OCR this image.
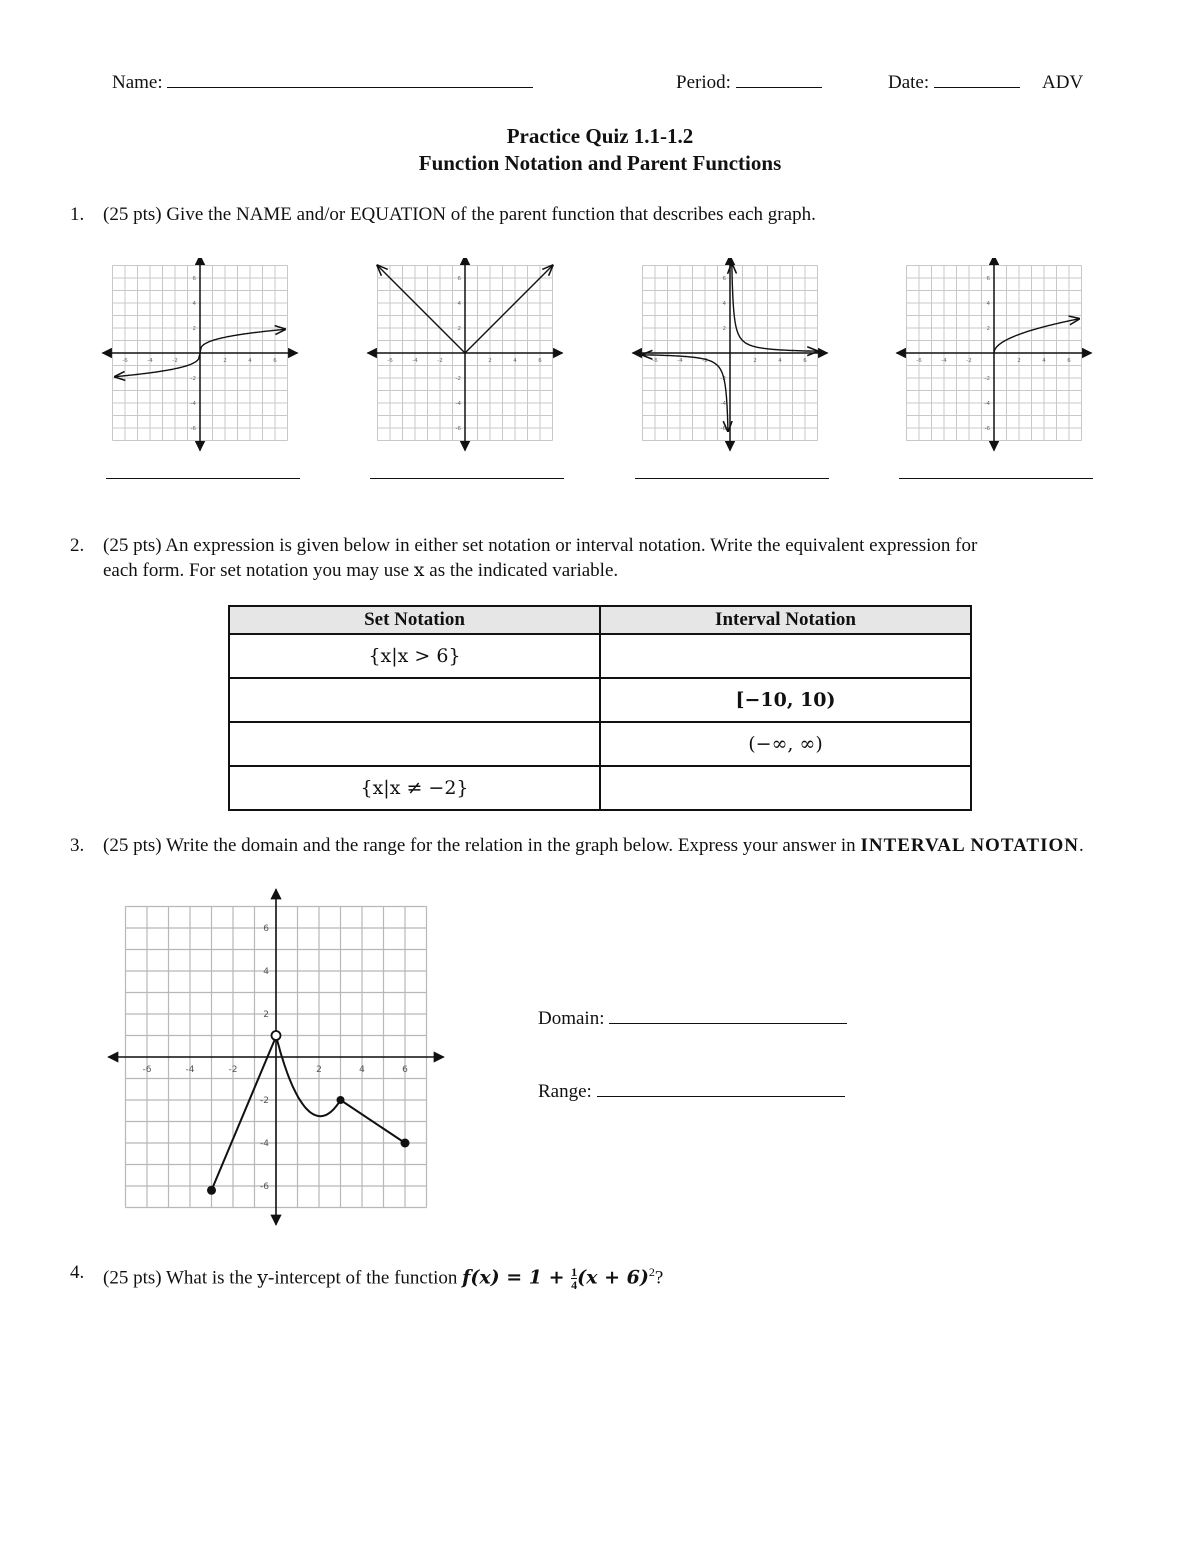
Name:	Period:	Date:	ADV
Practice Quiz 1.1-1.2
Function Notation and Parent Functions
1. (25 pts) Give the NAME and/or EQUATION of the parent function that describes each graph.
-6	-4	-2	2	4	6
6
4
2
-2
-4
-6
-6	-4	-2	2	4	6
6
4
2
-2
-4
-6
-6	-4	-2	2	4	6
6
4
2
-2
-4
-6
-6	-4	-2	2	4	6
6
4
2
-2
-4
-6
2. (25 pts) An expression is given below in either set notation or interval notation. Write the equivalent expression for
each form. For set notation you may use x as the indicated variable.
Set Notation	Interval Notation
{x|x > 6}	
	[−10, 10)
	(−∞, ∞)
{x|x ≠ −2}	
3. (25 pts) Write the domain and the range for the relation in the graph below. Express your answer in INTERVAL NOTATION.
-6	-4	-2	2	4	6
6
4
2
-2
-4
-6
Domain:
Range:
4. (25 pts) What is the y-intercept of the function $f(x) = 1 + \frac{1}{4} (x + 6)^2$?
